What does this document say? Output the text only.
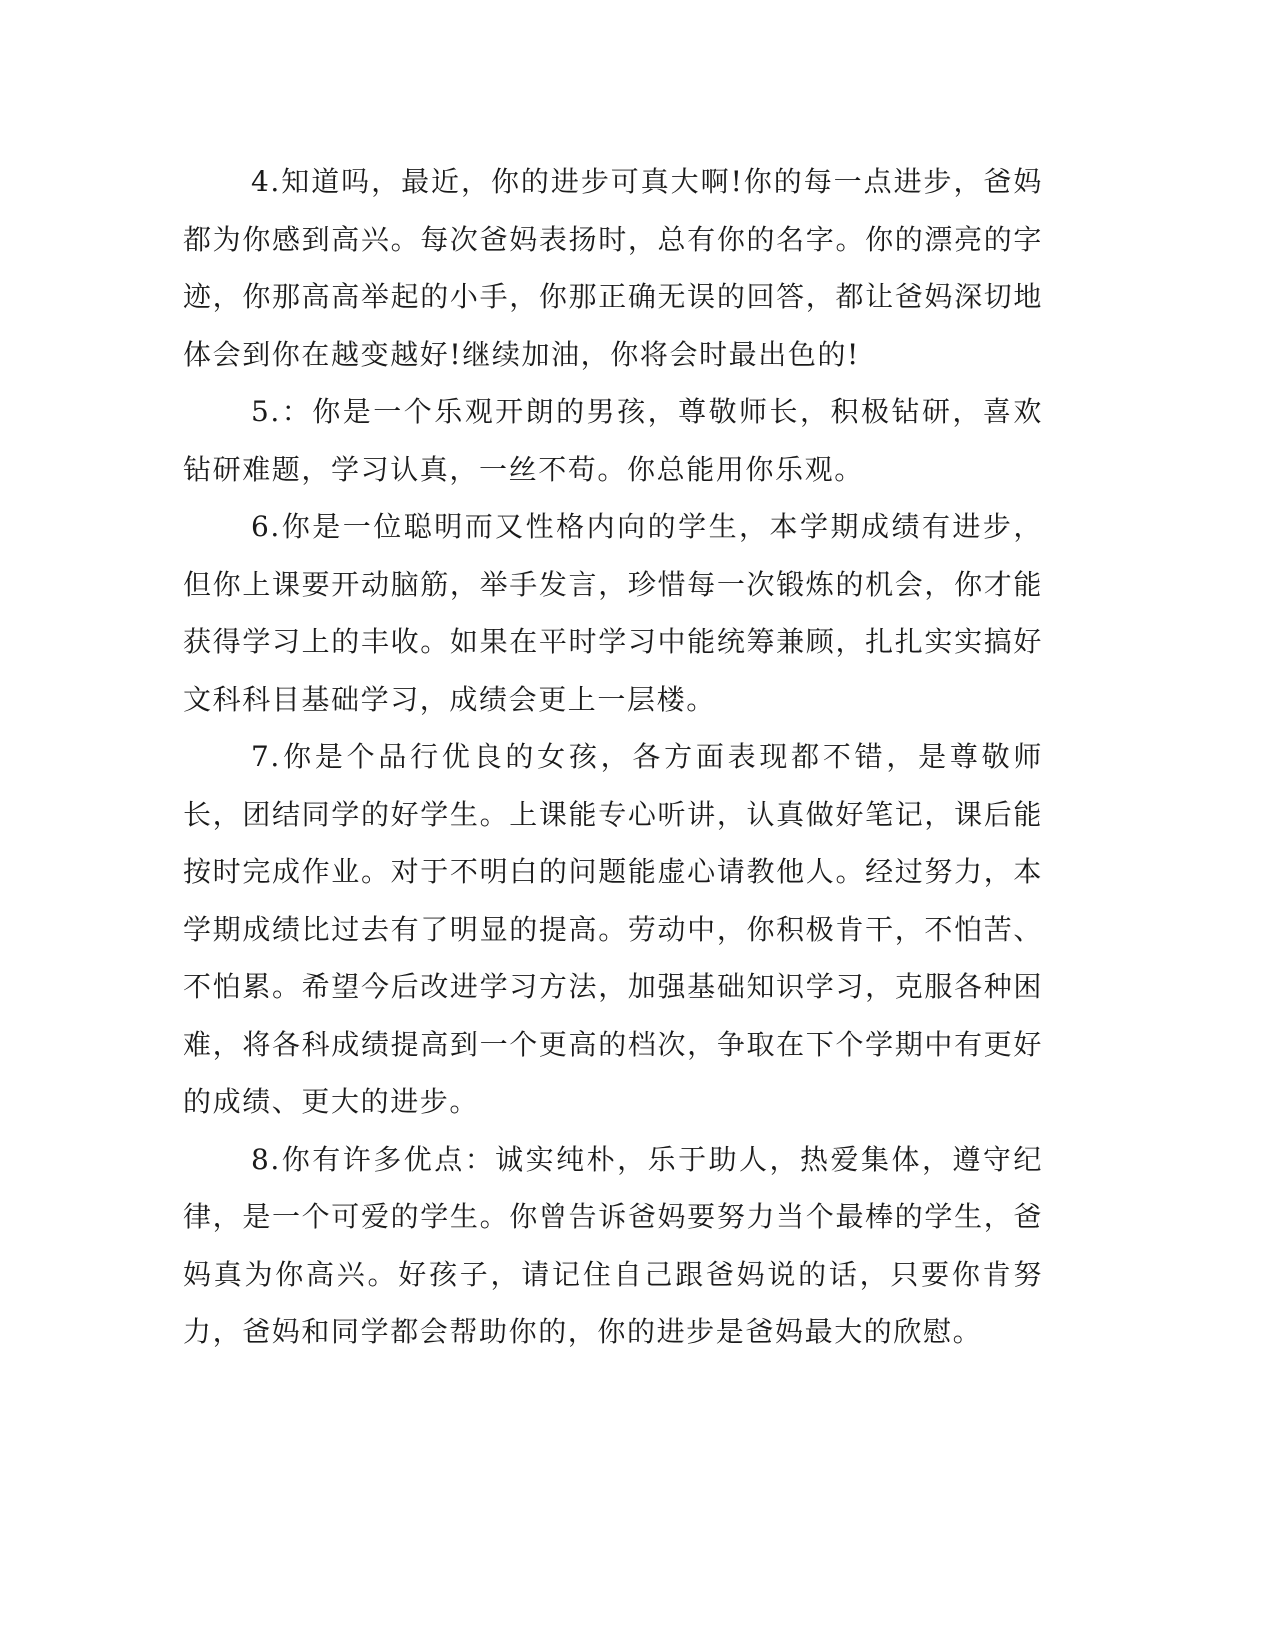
4.知道吗，最近，你的进步可真大啊!你的每一点进步，爸妈都为你感到高兴。每次爸妈表扬时，总有你的名字。你的漂亮的字迹，你那高高举起的小手，你那正确无误的回答，都让爸妈深切地体会到你在越变越好!继续加油，你将会时最出色的!

5.：你是一个乐观开朗的男孩，尊敬师长，积极钻研，喜欢钻研难题，学习认真，一丝不苟。你总能用你乐观。

6.你是一位聪明而又性格内向的学生，本学期成绩有进步，但你上课要开动脑筋，举手发言，珍惜每一次锻炼的机会，你才能获得学习上的丰收。如果在平时学习中能统筹兼顾，扎扎实实搞好文科科目基础学习，成绩会更上一层楼。

7.你是个品行优良的女孩，各方面表现都不错，是尊敬师长，团结同学的好学生。上课能专心听讲，认真做好笔记，课后能按时完成作业。对于不明白的问题能虚心请教他人。经过努力，本学期成绩比过去有了明显的提高。劳动中，你积极肯干，不怕苦、不怕累。希望今后改进学习方法，加强基础知识学习，克服各种困难，将各科成绩提高到一个更高的档次，争取在下个学期中有更好的成绩、更大的进步。

8.你有许多优点：诚实纯朴，乐于助人，热爱集体，遵守纪律，是一个可爱的学生。你曾告诉爸妈要努力当个最棒的学生，爸妈真为你高兴。好孩子，请记住自己跟爸妈说的话，只要你肯努力，爸妈和同学都会帮助你的，你的进步是爸妈最大的欣慰。
